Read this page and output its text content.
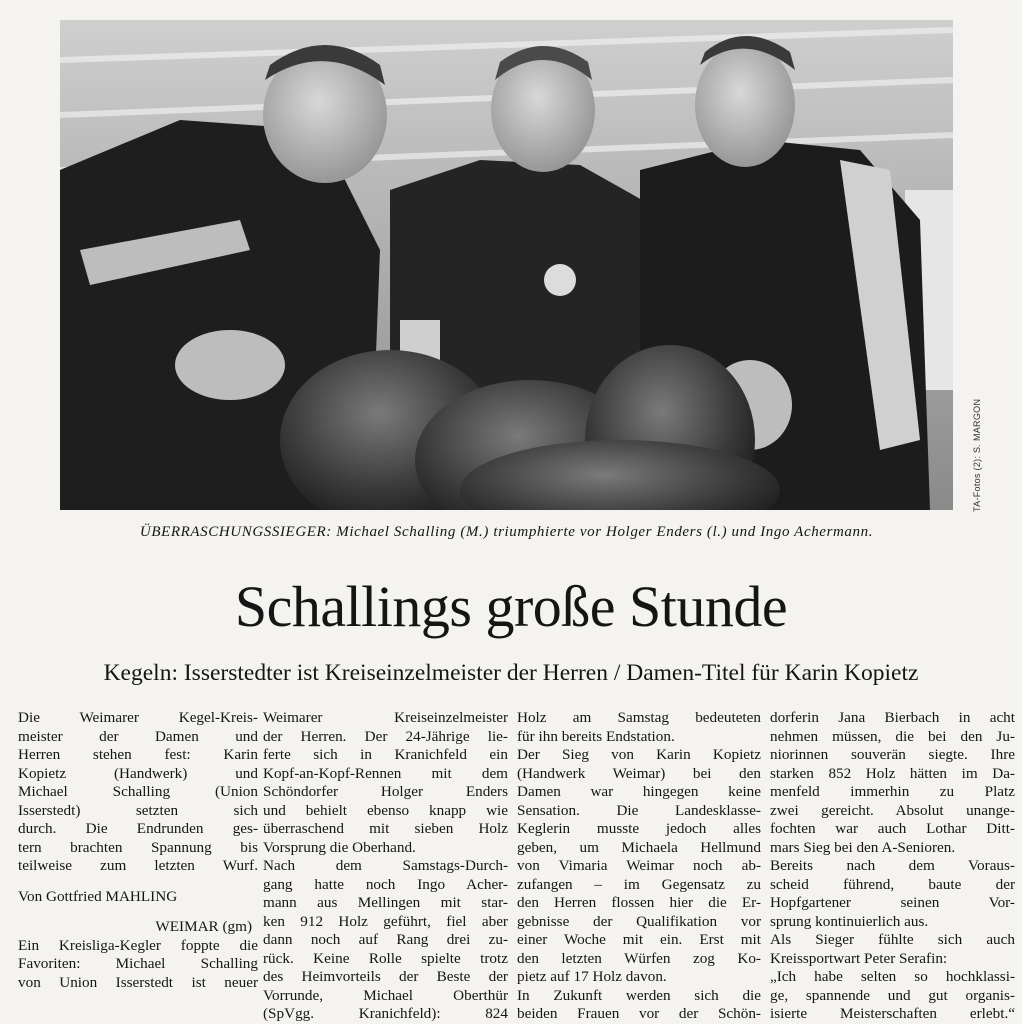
TA-Fotos (2): S. MARGON
ÜBERRASCHUNGSSIEGER: Michael Schalling (M.) triumphierte vor Holger Enders (l.) und Ingo Achermann.
Schallings große Stunde
Kegeln: Isserstedter ist Kreiseinzelmeister der Herren / Damen-Titel für Karin Kopietz
Die Weimarer Kegel-Kreis-
meister der Damen und
Herren stehen fest: Karin
Kopietz (Handwerk) und
Michael Schalling (Union
Isserstedt) setzten sich
durch. Die Endrunden ges-
tern brachten Spannung bis
teilweise zum letzten Wurf.
Von Gottfried MAHLING
WEIMAR (gm)
Ein Kreisliga-Kegler foppte die
Favoriten: Michael Schalling
von Union Isserstedt ist neuer
Weimarer Kreiseinzelmeister
der Herren. Der 24-Jährige lie-
ferte sich in Kranichfeld ein
Kopf-an-Kopf-Rennen mit dem
Schöndorfer Holger Enders
und behielt ebenso knapp wie
überraschend mit sieben Holz
Vorsprung die Oberhand.
Nach dem Samstags-Durch-
gang hatte noch Ingo Acher-
mann aus Mellingen mit star-
ken 912 Holz geführt, fiel aber
dann noch auf Rang drei zu-
rück. Keine Rolle spielte trotz
des Heimvorteils der Beste der
Vorrunde, Michael Oberthür
(SpVgg. Kranichfeld): 824
Holz am Samstag bedeuteten
für ihn bereits Endstation.
Der Sieg von Karin Kopietz
(Handwerk Weimar) bei den
Damen war hingegen keine
Sensation. Die Landesklasse-
Keglerin musste jedoch alles
geben, um Michaela Hellmund
von Vimaria Weimar noch ab-
zufangen – im Gegensatz zu
den Herren flossen hier die Er-
gebnisse der Qualifikation vor
einer Woche mit ein. Erst mit
den letzten Würfen zog Ko-
pietz auf 17 Holz davon.
In Zukunft werden sich die
beiden Frauen vor der Schön-
dorferin Jana Bierbach in acht
nehmen müssen, die bei den Ju-
niorinnen souverän siegte. Ihre
starken 852 Holz hätten im Da-
menfeld immerhin zu Platz
zwei gereicht. Absolut unange-
fochten war auch Lothar Ditt-
mars Sieg bei den A-Senioren.
Bereits nach dem Voraus-
scheid führend, baute der
Hopfgartener seinen Vor-
sprung kontinuierlich aus.
Als Sieger fühlte sich auch
Kreissportwart Peter Serafin:
„Ich habe selten so hochklassi-
ge, spannende und gut organis-
isierte Meisterschaften erlebt.“
